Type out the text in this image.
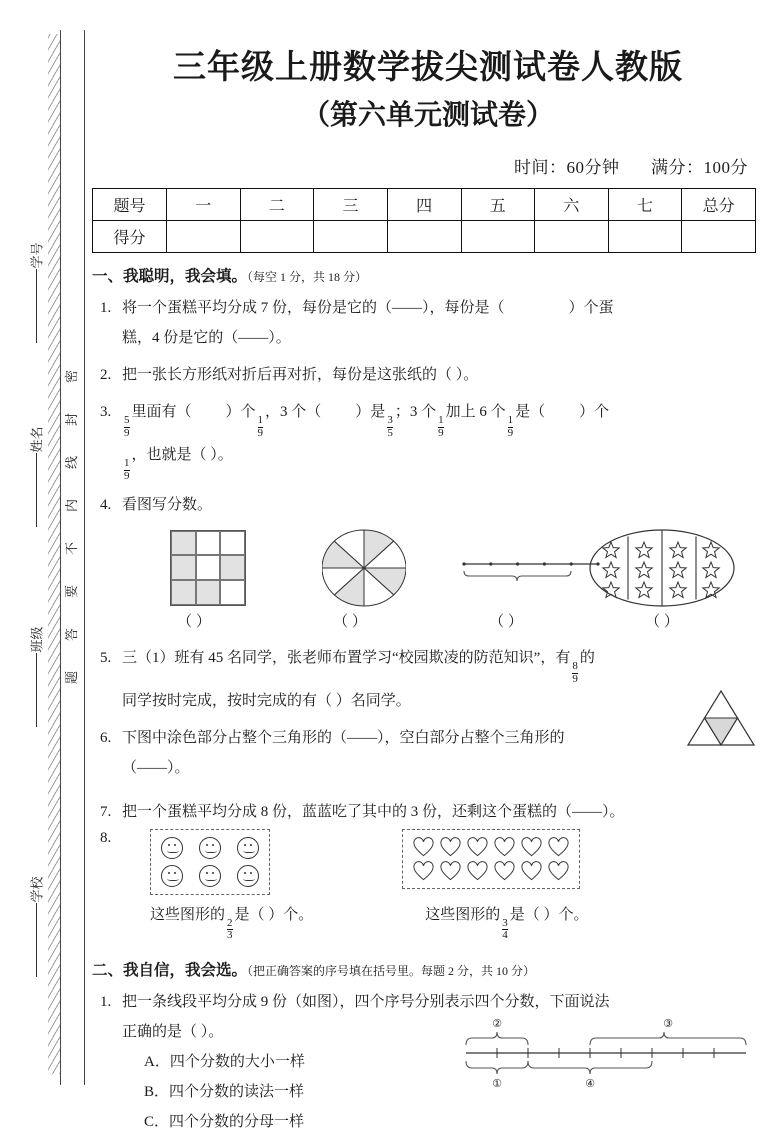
密
封
线
内
不
要
答
题
学号
姓名
班级
学校
三年级上册数学拔尖测试卷人教版
（第六单元测试卷）
时间：60分钟 满分：100分
题号	一	二	三	四	五	六	七	总分
得分								
一、我聪明，我会填。（每空 1 分，共 18 分）
1. 将一个蛋糕平均分成 7 份，每份是它的（——），每份是（	）个蛋
糕，4 份是它的（——）。
2. 把一张长方形纸对折后再对折，每份是这张纸的（ ）。
3.
$\frac{5}{9}$
里面有（ ）个
$\frac{1}{9}$
，3 个（ ）是
$\frac{3}{5}$
；3 个
$\frac{1}{9}$
加上 6 个
$\frac{1}{9}$
是（ ）个
$\frac{1}{9}$
，也就是（ ）。
4. 看图写分数。
（ ）	（ ）	（ ）	（ ）
5. 三（1）班有 45 名同学，张老师布置学习“校园欺凌的防范知识”，有
$\frac{8}{9}$
的
同学按时完成，按时完成的有（ ）名同学。
6. 下图中涂色部分占整个三角形的（——），空白部分占整个三角形的
（——）。
7. 把一个蛋糕平均分成 8 份，蓝蓝吃了其中的 3 份，还剩这个蛋糕的（——）。
8.
这些图形的
$\frac{2}{3}$
是（ ）个。	这些图形的
$\frac{3}{4}$
是（ ）个。
二、我自信，我会选。（把正确答案的序号填在括号里。每题 2 分，共 10 分）
1. 把一条线段平均分成 9 份（如图），四个序号分别表示四个分数，下面说法
正确的是（ ）。
A．四个分数的大小一样
B．四个分数的读法一样
C．四个分数的分母一样
②
①
③
④
